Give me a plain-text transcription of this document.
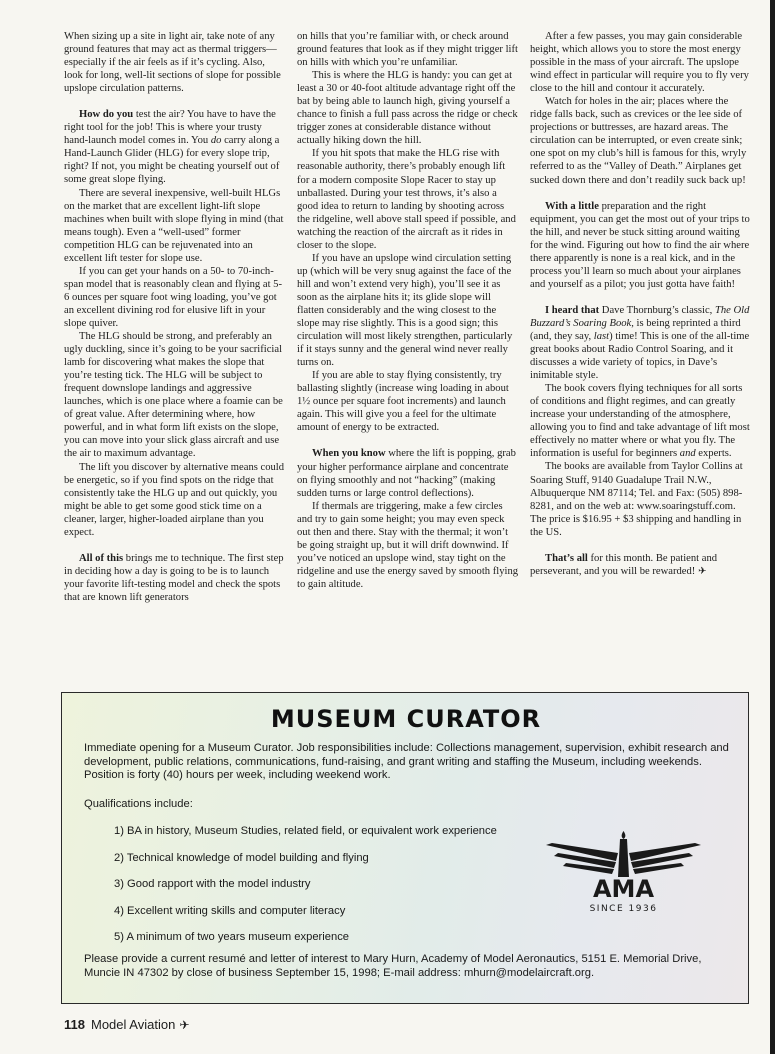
When sizing up a site in light air, take note of any ground features that may act as thermal triggers—especially if the air feels as if it’s cycling. Also, look for long, well-lit sections of slope for possible upslope circulation patterns.

How do you test the air? You have to have the right tool for the job! This is where your trusty hand-launch model comes in. You do carry along a Hand-Launch Glider (HLG) for every slope trip, right? If not, you might be cheating yourself out of some great slope flying.

There are several inexpensive, well-built HLGs on the market that are excellent light-lift slope machines when built with slope flying in mind (that means tough). Even a “well-used” former competition HLG can be rejuvenated into an excellent lift tester for slope use.

If you can get your hands on a 50- to 70-inch-span model that is reasonably clean and flying at 5-6 ounces per square foot wing loading, you’ve got an excellent divining rod for elusive lift in your slope quiver.

The HLG should be strong, and preferably an ugly duckling, since it’s going to be your sacrificial lamb for discovering what makes the slope that you’re testing tick. The HLG will be subject to frequent downslope landings and aggressive launches, which is one place where a foamie can be of great value. After determining where, how powerful, and in what form lift exists on the slope, you can move into your slick glass aircraft and use the air to maximum advantage.

The lift you discover by alternative means could be energetic, so if you find spots on the ridge that consistently take the HLG up and out quickly, you might be able to get some good stick time on a cleaner, larger, higher-loaded airplane than you expect.

All of this brings me to technique. The first step in deciding how a day is going to be is to launch your favorite lift-testing model and check the spots that are known lift generators

on hills that you’re familiar with, or check around ground features that look as if they might trigger lift on hills with which you’re unfamiliar.

This is where the HLG is handy: you can get at least a 30 or 40-foot altitude advantage right off the bat by being able to launch high, giving yourself a chance to finish a full pass across the ridge or check trigger zones at considerable distance without actually hiking down the hill.

If you hit spots that make the HLG rise with reasonable authority, there’s probably enough lift for a modern composite Slope Racer to stay up unballasted. During your test throws, it’s also a good idea to return to landing by shooting across the ridgeline, well above stall speed if possible, and watching the reaction of the aircraft as it rides in closer to the slope.

If you have an upslope wind circulation setting up (which will be very snug against the face of the hill and won’t extend very high), you’ll see it as soon as the airplane hits it; its glide slope will flatten considerably and the wing closest to the slope may rise slightly. This is a good sign; this circulation will most likely strengthen, particularly if it stays sunny and the general wind never really turns on.

If you are able to stay flying consistently, try ballasting slightly (increase wing loading in about 1½ ounce per square foot increments) and launch again. This will give you a feel for the ultimate amount of energy to be extracted.

When you know where the lift is popping, grab your higher performance airplane and concentrate on flying smoothly and not “hacking” (making sudden turns or large control deflections).

If thermals are triggering, make a few circles and try to gain some height; you may even speck out then and there. Stay with the thermal; it won’t be going straight up, but it will drift downwind. If you’ve noticed an upslope wind, stay tight on the ridgeline and use the energy saved by smooth flying to gain altitude.

After a few passes, you may gain considerable height, which allows you to store the most energy possible in the mass of your aircraft. The upslope wind effect in particular will require you to fly very close to the hill and contour it accurately.

Watch for holes in the air; places where the ridge falls back, such as crevices or the lee side of projections or buttresses, are hazard areas. The circulation can be interrupted, or even create sink; one spot on my club’s hill is famous for this, wryly referred to as the “Valley of Death.” Airplanes get sucked down there and don’t readily suck back up!

With a little preparation and the right equipment, you can get the most out of your trips to the hill, and never be stuck sitting around waiting for the wind. Figuring out how to find the air where there apparently is none is a real kick, and in the process you’ll learn so much about your airplanes and yourself as a pilot; you just gotta have faith!

I heard that Dave Thornburg’s classic, The Old Buzzard’s Soaring Book, is being reprinted a third (and, they say, last) time! This is one of the all-time great books about Radio Control Soaring, and it discusses a wide variety of topics, in Dave’s inimitable style.

The book covers flying techniques for all sorts of conditions and flight regimes, and can greatly increase your understanding of the atmosphere, allowing you to find and take advantage of lift most effectively no matter where or what you fly. The information is useful for beginners and experts.

The books are available from Taylor Collins at Soaring Stuff, 9140 Guadalupe Trail N.W., Albuquerque NM 87114; Tel. and Fax: (505) 898-8281, and on the web at: www.soaringstuff.com. The price is $16.95 + $3 shipping and handling in the US.

That’s all for this month. Be patient and perseverant, and you will be rewarded! ✈

MUSEUM CURATOR
Immediate opening for a Museum Curator. Job responsibilities include: Collections management, supervision, exhibit research and development, public relations, communications, fund-raising, and grant writing and staffing the Museum, including weekends. Position is forty (40) hours per week, including weekend work.
Qualifications include:
1) BA in history, Museum Studies, related field, or equivalent work experience
2) Technical knowledge of model building and flying
3) Good rapport with the model industry
4) Excellent writing skills and computer literacy
5) A minimum of two years museum experience
AMA
SINCE 1936
Please provide a current resumé and letter of interest to Mary Hurn, Academy of Model Aeronautics, 5151 E. Memorial Drive, Muncie IN 47302 by close of business September 15, 1998; E-mail address: mhurn@modelaircraft.org.
118 Model Aviation ✈
